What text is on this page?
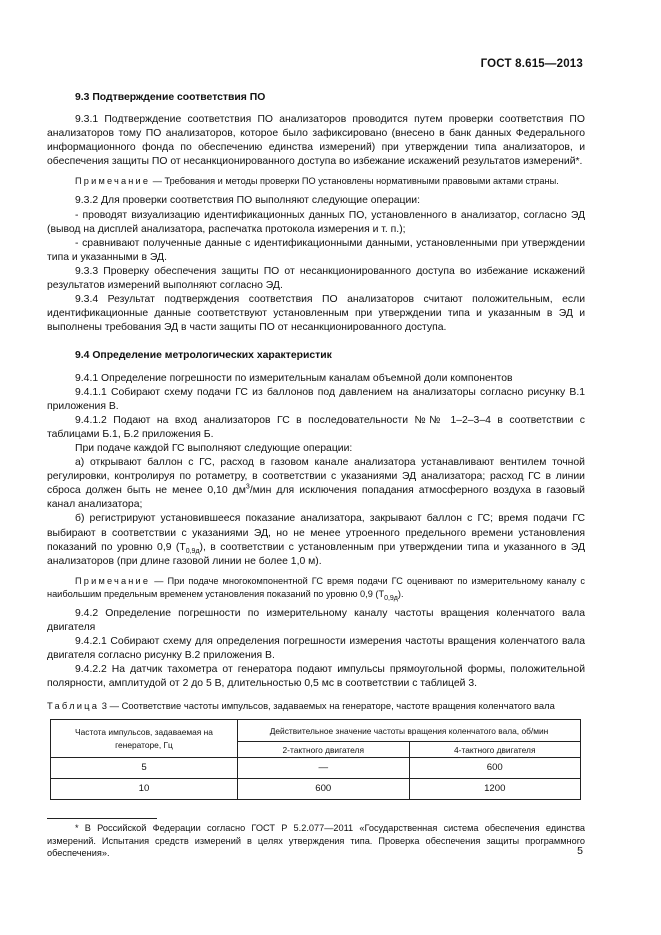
ГОСТ 8.615—2013

9.3 Подтверждение соответствия ПО

9.3.1 Подтверждение соответствия ПО анализаторов проводится путем проверки соответствия ПО анализаторов тому ПО анализаторов, которое было зафиксировано (внесено в банк данных Федерального информационного фонда по обеспечению единства измерений) при утверждении типа анализаторов, и обеспечения защиты ПО от несанкционированного доступа во избежание искажений результатов измерений*.

Примечание — Требования и методы проверки ПО установлены нормативными правовыми актами страны.

9.3.2 Для проверки соответствия ПО выполняют следующие операции:

- проводят визуализацию идентификационных данных ПО, установленного в анализатор, согласно ЭД (вывод на дисплей анализатора, распечатка протокола измерения и т. п.);

- сравнивают полученные данные с идентификационными данными, установленными при утверждении типа и указанными в ЭД.

9.3.3 Проверку обеспечения защиты ПО от несанкционированного доступа во избежание искажений результатов измерений выполняют согласно ЭД.

9.3.4 Результат подтверждения соответствия ПО анализаторов считают положительным, если идентификационные данные соответствуют установленным при утверждении типа и указанным в ЭД и выполнены требования ЭД в части защиты ПО от несанкционированного доступа.

9.4 Определение метрологических характеристик

9.4.1 Определение погрешности по измерительным каналам объемной доли компонентов

9.4.1.1 Собирают схему подачи ГС из баллонов под давлением на анализаторы согласно рисунку В.1 приложения В.

9.4.1.2 Подают на вход анализаторов ГС в последовательности №№ 1–2–3–4 в соответствии с таблицами Б.1, Б.2 приложения Б.

При подаче каждой ГС выполняют следующие операции:

а) открывают баллон с ГС, расход в газовом канале анализатора устанавливают вентилем точной регулировки, контролируя по ротаметру, в соответствии с указаниями ЭД анализатора; расход ГС в линии сброса должен быть не менее 0,10 $дм^3$/мин для исключения попадания атмосферного воздуха в газовый канал анализатора;

б) регистрируют установившееся показание анализатора, закрывают баллон с ГС; время подачи ГС выбирают в соответствии с указаниями ЭД, но не менее утроенного предельного времени установления показаний по уровню 0,9 $(T_{0,9д})$, в соответствии с установленным при утверждении типа и указанного в ЭД анализаторов (при длине газовой линии не более 1,0 м).

Примечание — При подаче многокомпонентной ГС время подачи ГС оценивают по измерительному каналу с наибольшим предельным временем установления показаний по уровню 0,9 $(T_{0,9д})$.

9.4.2 Определение погрешности по измерительному каналу частоты вращения коленчатого вала двигателя

9.4.2.1 Собирают схему для определения погрешности измерения частоты вращения коленчатого вала двигателя согласно рисунку В.2 приложения В.

9.4.2.2 На датчик тахометра от генератора подают импульсы прямоугольной формы, положительной полярности, амплитудой от 2 до 5 В, длительностью 0,5 мс в соответствии с таблицей 3.

Таблица 3 — Соответствие частоты импульсов, задаваемых на генераторе, частоте вращения коленчатого вала

Частота импульсов, задаваемая на генераторе, Гц	Действительное значение частоты вращения коленчатого вала, об/мин	
	2-тактного двигателя	4-тактного двигателя
5	—	600
10	600	1200

* В Российской Федерации согласно ГОСТ Р 5.2.077—2011 «Государственная система обеспечения единства измерений. Испытания средств измерений в целях утверждения типа. Проверка обеспечения защиты программного обеспечения».	5
